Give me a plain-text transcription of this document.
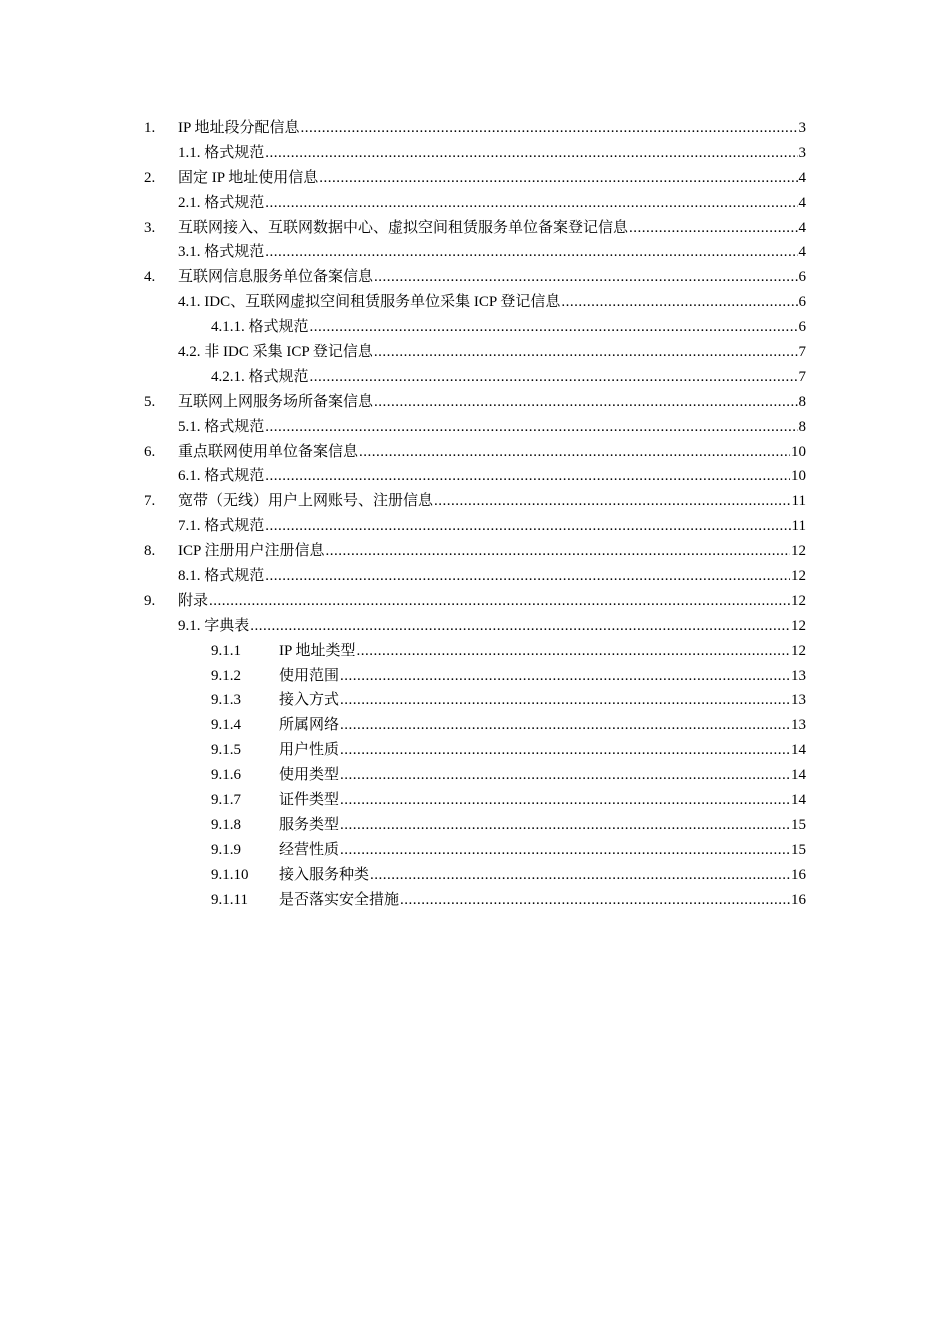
1. IP 地址段分配信息 .....	3
1.1. 格式规范 .....	3
2. 固定 IP 地址使用信息 .....	4
2.1. 格式规范 .....	4
3. 互联网接入、互联网数据中心、虚拟空间租赁服务单位备案登记信息 .....	4
3.1. 格式规范 .....	4
4. 互联网信息服务单位备案信息 .....	6
4.1. IDC、互联网虚拟空间租赁服务单位采集 ICP 登记信息 .....	6
4.1.1. 格式规范 .....	6
4.2. 非 IDC 采集 ICP 登记信息 .....	7
4.2.1. 格式规范 .....	7
5. 互联网上网服务场所备案信息 .....	8
5.1. 格式规范 .....	8
6. 重点联网使用单位备案信息 .....	10
6.1. 格式规范 .....	10
7. 宽带（无线）用户上网账号、注册信息 .....	11
7.1. 格式规范 .....	11
8. ICP 注册用户注册信息 .....	12
8.1. 格式规范 .....	12
9. 附录 .....	12
9.1. 字典表 .....	12
9.1.1	IP 地址类型 .....	12
9.1.2	使用范围 .....	13
9.1.3	接入方式 .....	13
9.1.4	所属网络 .....	13
9.1.5	用户性质 .....	14
9.1.6	使用类型 .....	14
9.1.7	证件类型 .....	14
9.1.8	服务类型 .....	15
9.1.9	经营性质 .....	15
9.1.10 接入服务种类 .....	16
9.1.11 是否落实安全措施 .....	16
